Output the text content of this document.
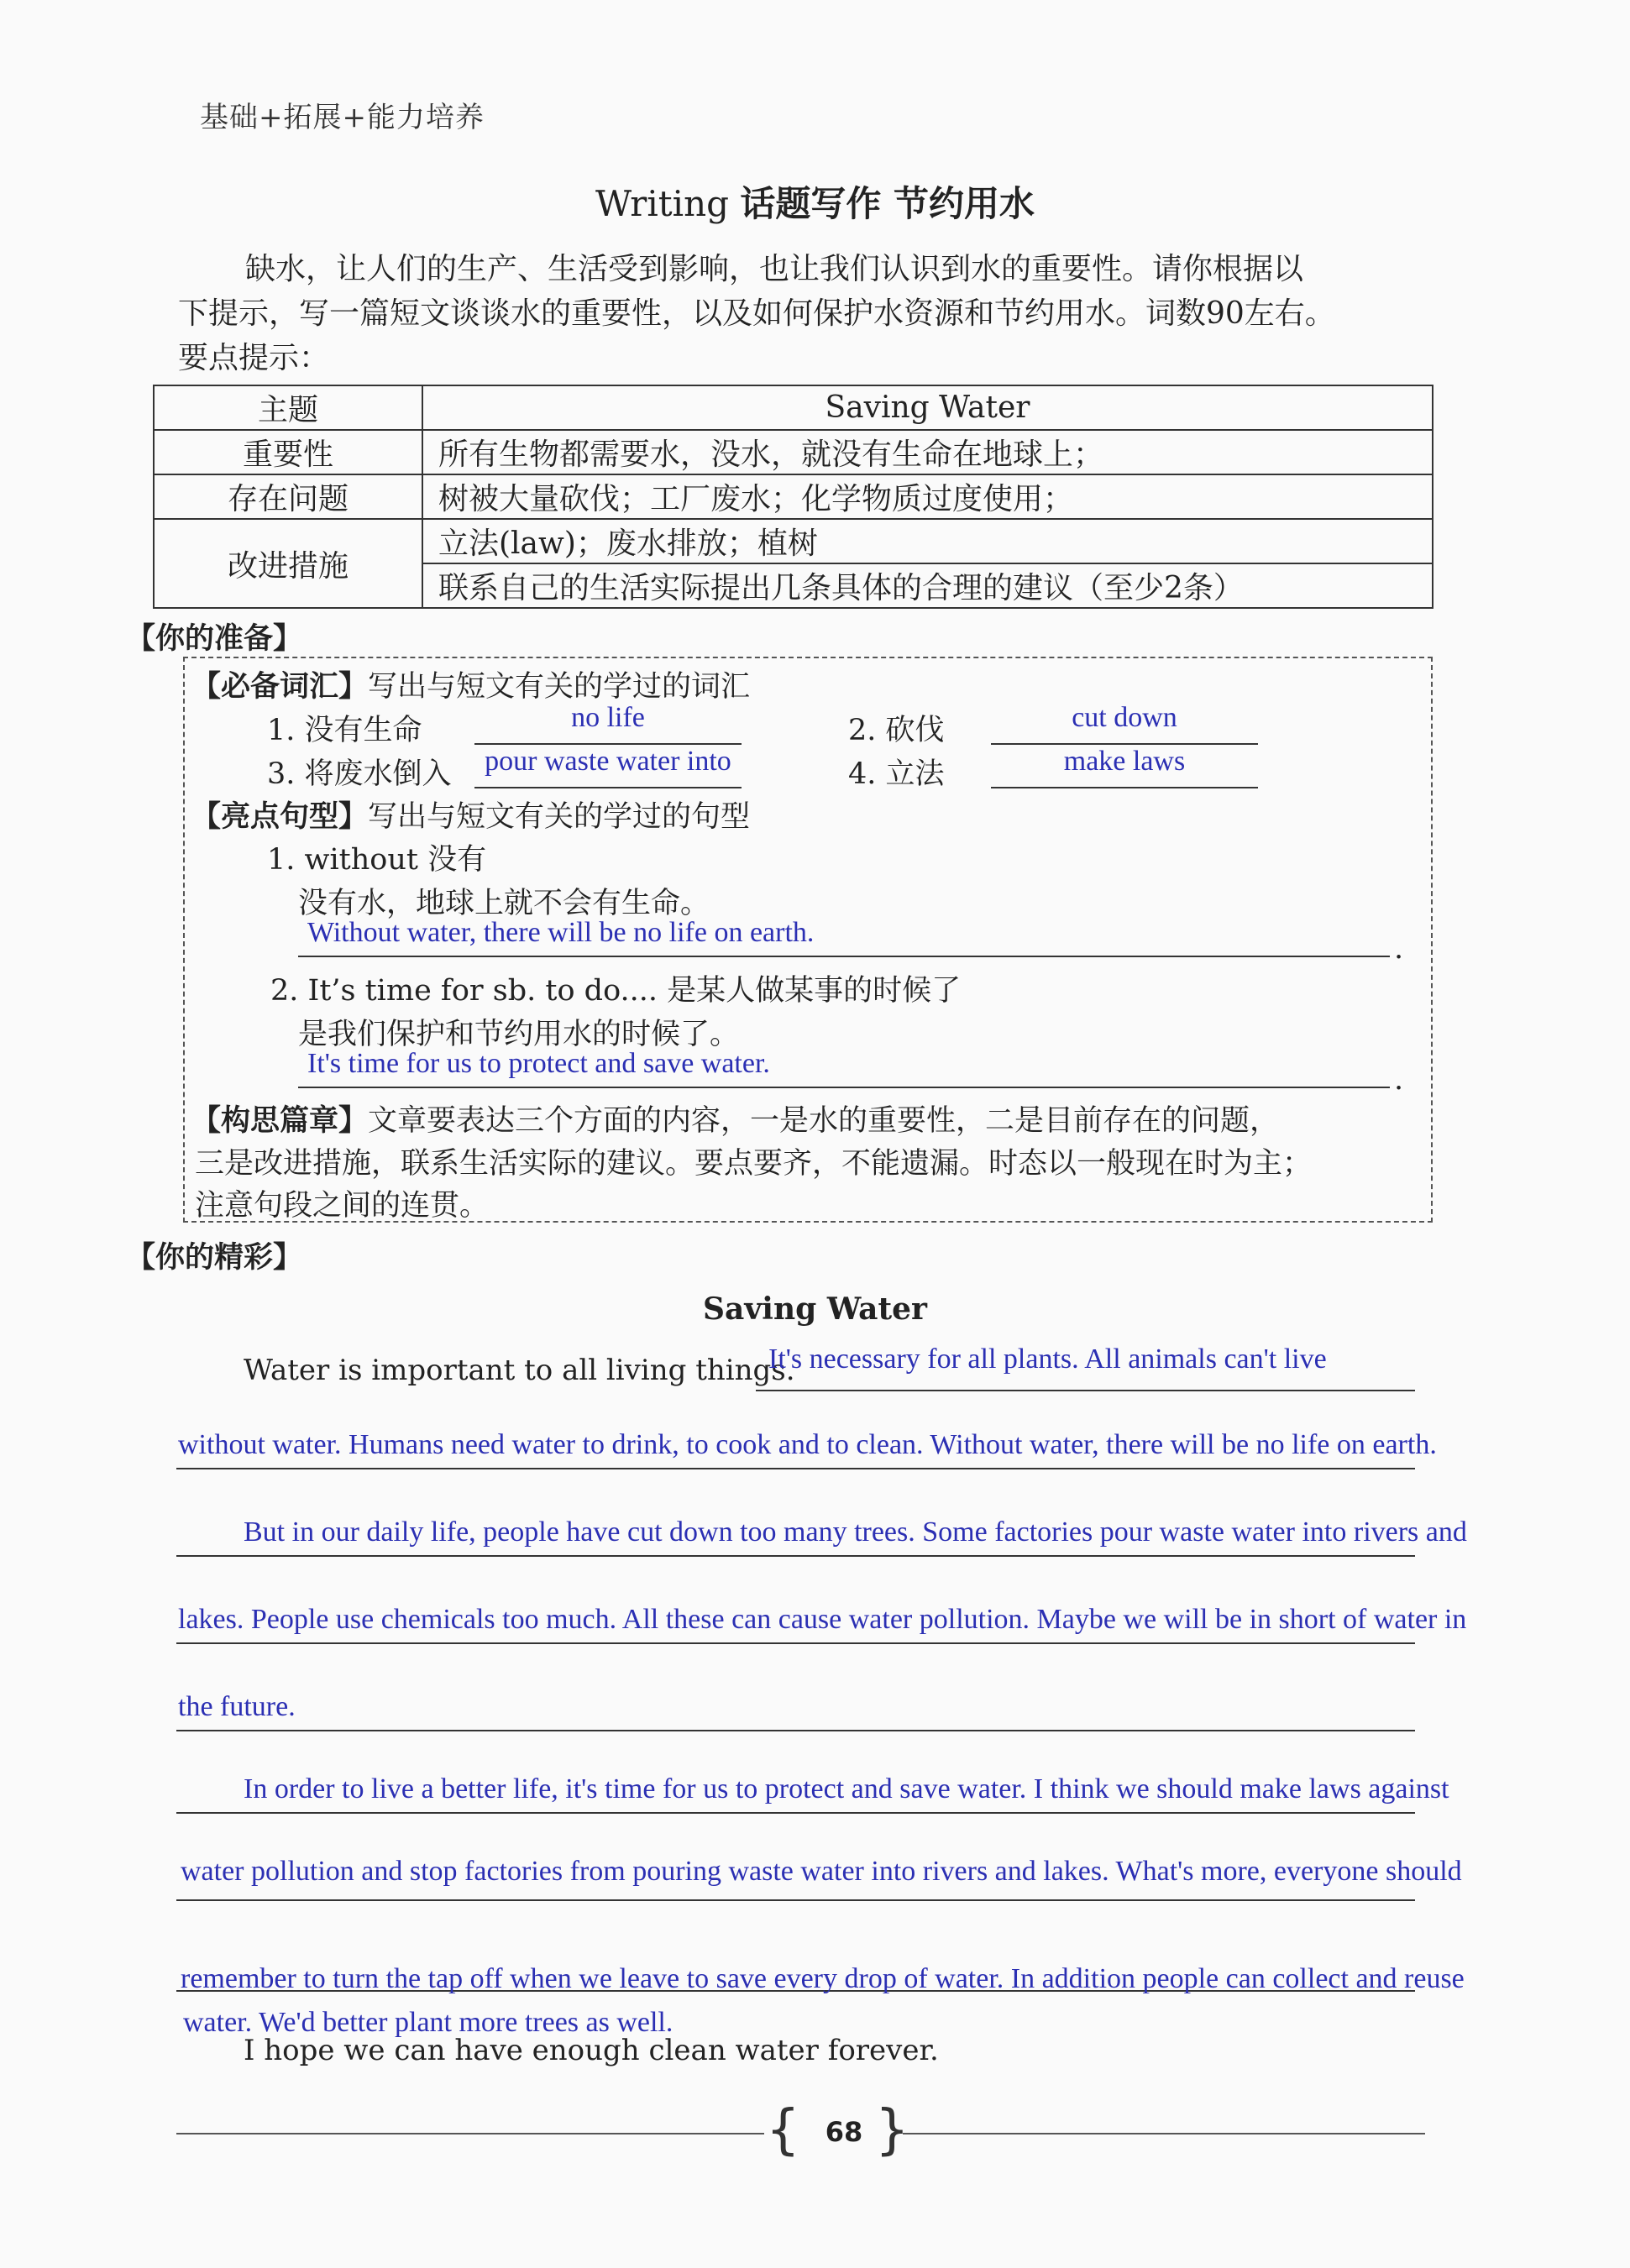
基础+拓展+能力培养
Writing 话题写作 节约用水
缺水，让人们的生产、生活受到影响，也让我们认识到水的重要性。请你根据以
下提示，写一篇短文谈谈水的重要性，以及如何保护水资源和节约用水。词数90左右。
要点提示：
主题	Saving Water
重要性	所有生物都需要水，没水，就没有生命在地球上；
存在问题	树被大量砍伐；工厂废水；化学物质过度使用；
改进措施	立法(law)；废水排放；植树
	联系自己的生活实际提出几条具体的合理的建议（至少2条）
【你的准备】
【必备词汇】写出与短文有关的学过的词汇
1. 没有生命	no life	2. 砍伐	cut down
3. 将废水倒入	pour waste water into	4. 立法	make laws
【亮点句型】写出与短文有关的学过的句型
1. without 没有
没有水，地球上就不会有生命。
Without water, there will be no life on earth.	.
2. It’s time for sb. to do.... 是某人做某事的时候了
是我们保护和节约用水的时候了。
It's time for us to protect and save water.	.
【构思篇章】文章要表达三个方面的内容，一是水的重要性，二是目前存在的问题，
三是改进措施，联系生活实际的建议。要点要齐，不能遗漏。时态以一般现在时为主；
注意句段之间的连贯。
【你的精彩】
Saving Water
Water is important to all living things.
It's necessary for all plants. All animals can't live
without water. Humans need water to drink, to cook and to clean. Without water, there will be no life on earth.
But in our daily life, people have cut down too many trees. Some factories pour waste water into rivers and
lakes. People use chemicals too much. All these can cause water pollution. Maybe we will be in short of water in
the future.
In order to live a better life, it's time for us to protect and save water. I think we should make laws against
water pollution and stop factories from pouring waste water into rivers and lakes. What's more, everyone should
remember to turn the tap off when we leave to save every drop of water. In addition people can collect and reuse
water. We'd better plant more trees as well.
I hope we can have enough clean water forever.
{ 68 }
